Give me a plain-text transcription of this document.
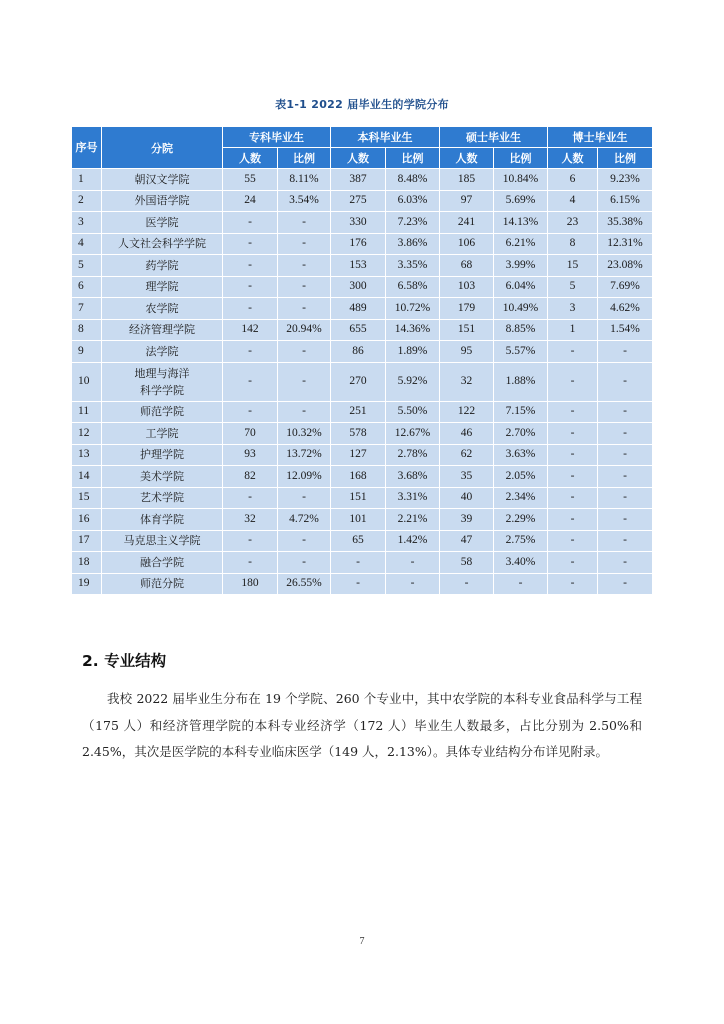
表1-1 2022 届毕业生的学院分布
序号	分院	专科毕业生		本科毕业生		硕士毕业生		博士毕业生	
		人数	比例	人数	比例	人数	比例	人数	比例
1	朝汉文学院	55	8.11%	387	8.48%	185	10.84%	6	9.23%
2	外国语学院	24	3.54%	275	6.03%	97	5.69%	4	6.15%
3	医学院	-	-	330	7.23%	241	14.13%	23	35.38%
4	人文社会科学学院	-	-	176	3.86%	106	6.21%	8	12.31%
5	药学院	-	-	153	3.35%	68	3.99%	15	23.08%
6	理学院	-	-	300	6.58%	103	6.04%	5	7.69%
7	农学院	-	-	489	10.72%	179	10.49%	3	4.62%
8	经济管理学院	142	20.94%	655	14.36%	151	8.85%	1	1.54%
9	法学院	-	-	86	1.89%	95	5.57%	-	-
10	地理与海洋科学学院	-	-	270	5.92%	32	1.88%	-	-
11	师范学院	-	-	251	5.50%	122	7.15%	-	-
12	工学院	70	10.32%	578	12.67%	46	2.70%	-	-
13	护理学院	93	13.72%	127	2.78%	62	3.63%	-	-
14	美术学院	82	12.09%	168	3.68%	35	2.05%	-	-
15	艺术学院	-	-	151	3.31%	40	2.34%	-	-
16	体育学院	32	4.72%	101	2.21%	39	2.29%	-	-
17	马克思主义学院	-	-	65	1.42%	47	2.75%	-	-
18	融合学院	-	-	-	-	58	3.40%	-	-
19	师范分院	180	26.55%	-	-	-	-	-	-
2. 专业结构

我校 2022 届毕业生分布在 19 个学院、260 个专业中，其中农学院的本科专业食品科学与工程（175 人）和经济管理学院的本科专业经济学（172 人）毕业生人数最多，占比分别为 2.50%和 2.45%，其次是医学院的本科专业临床医学（149 人，2.13%）。具体专业结构分布详见附录。

7
